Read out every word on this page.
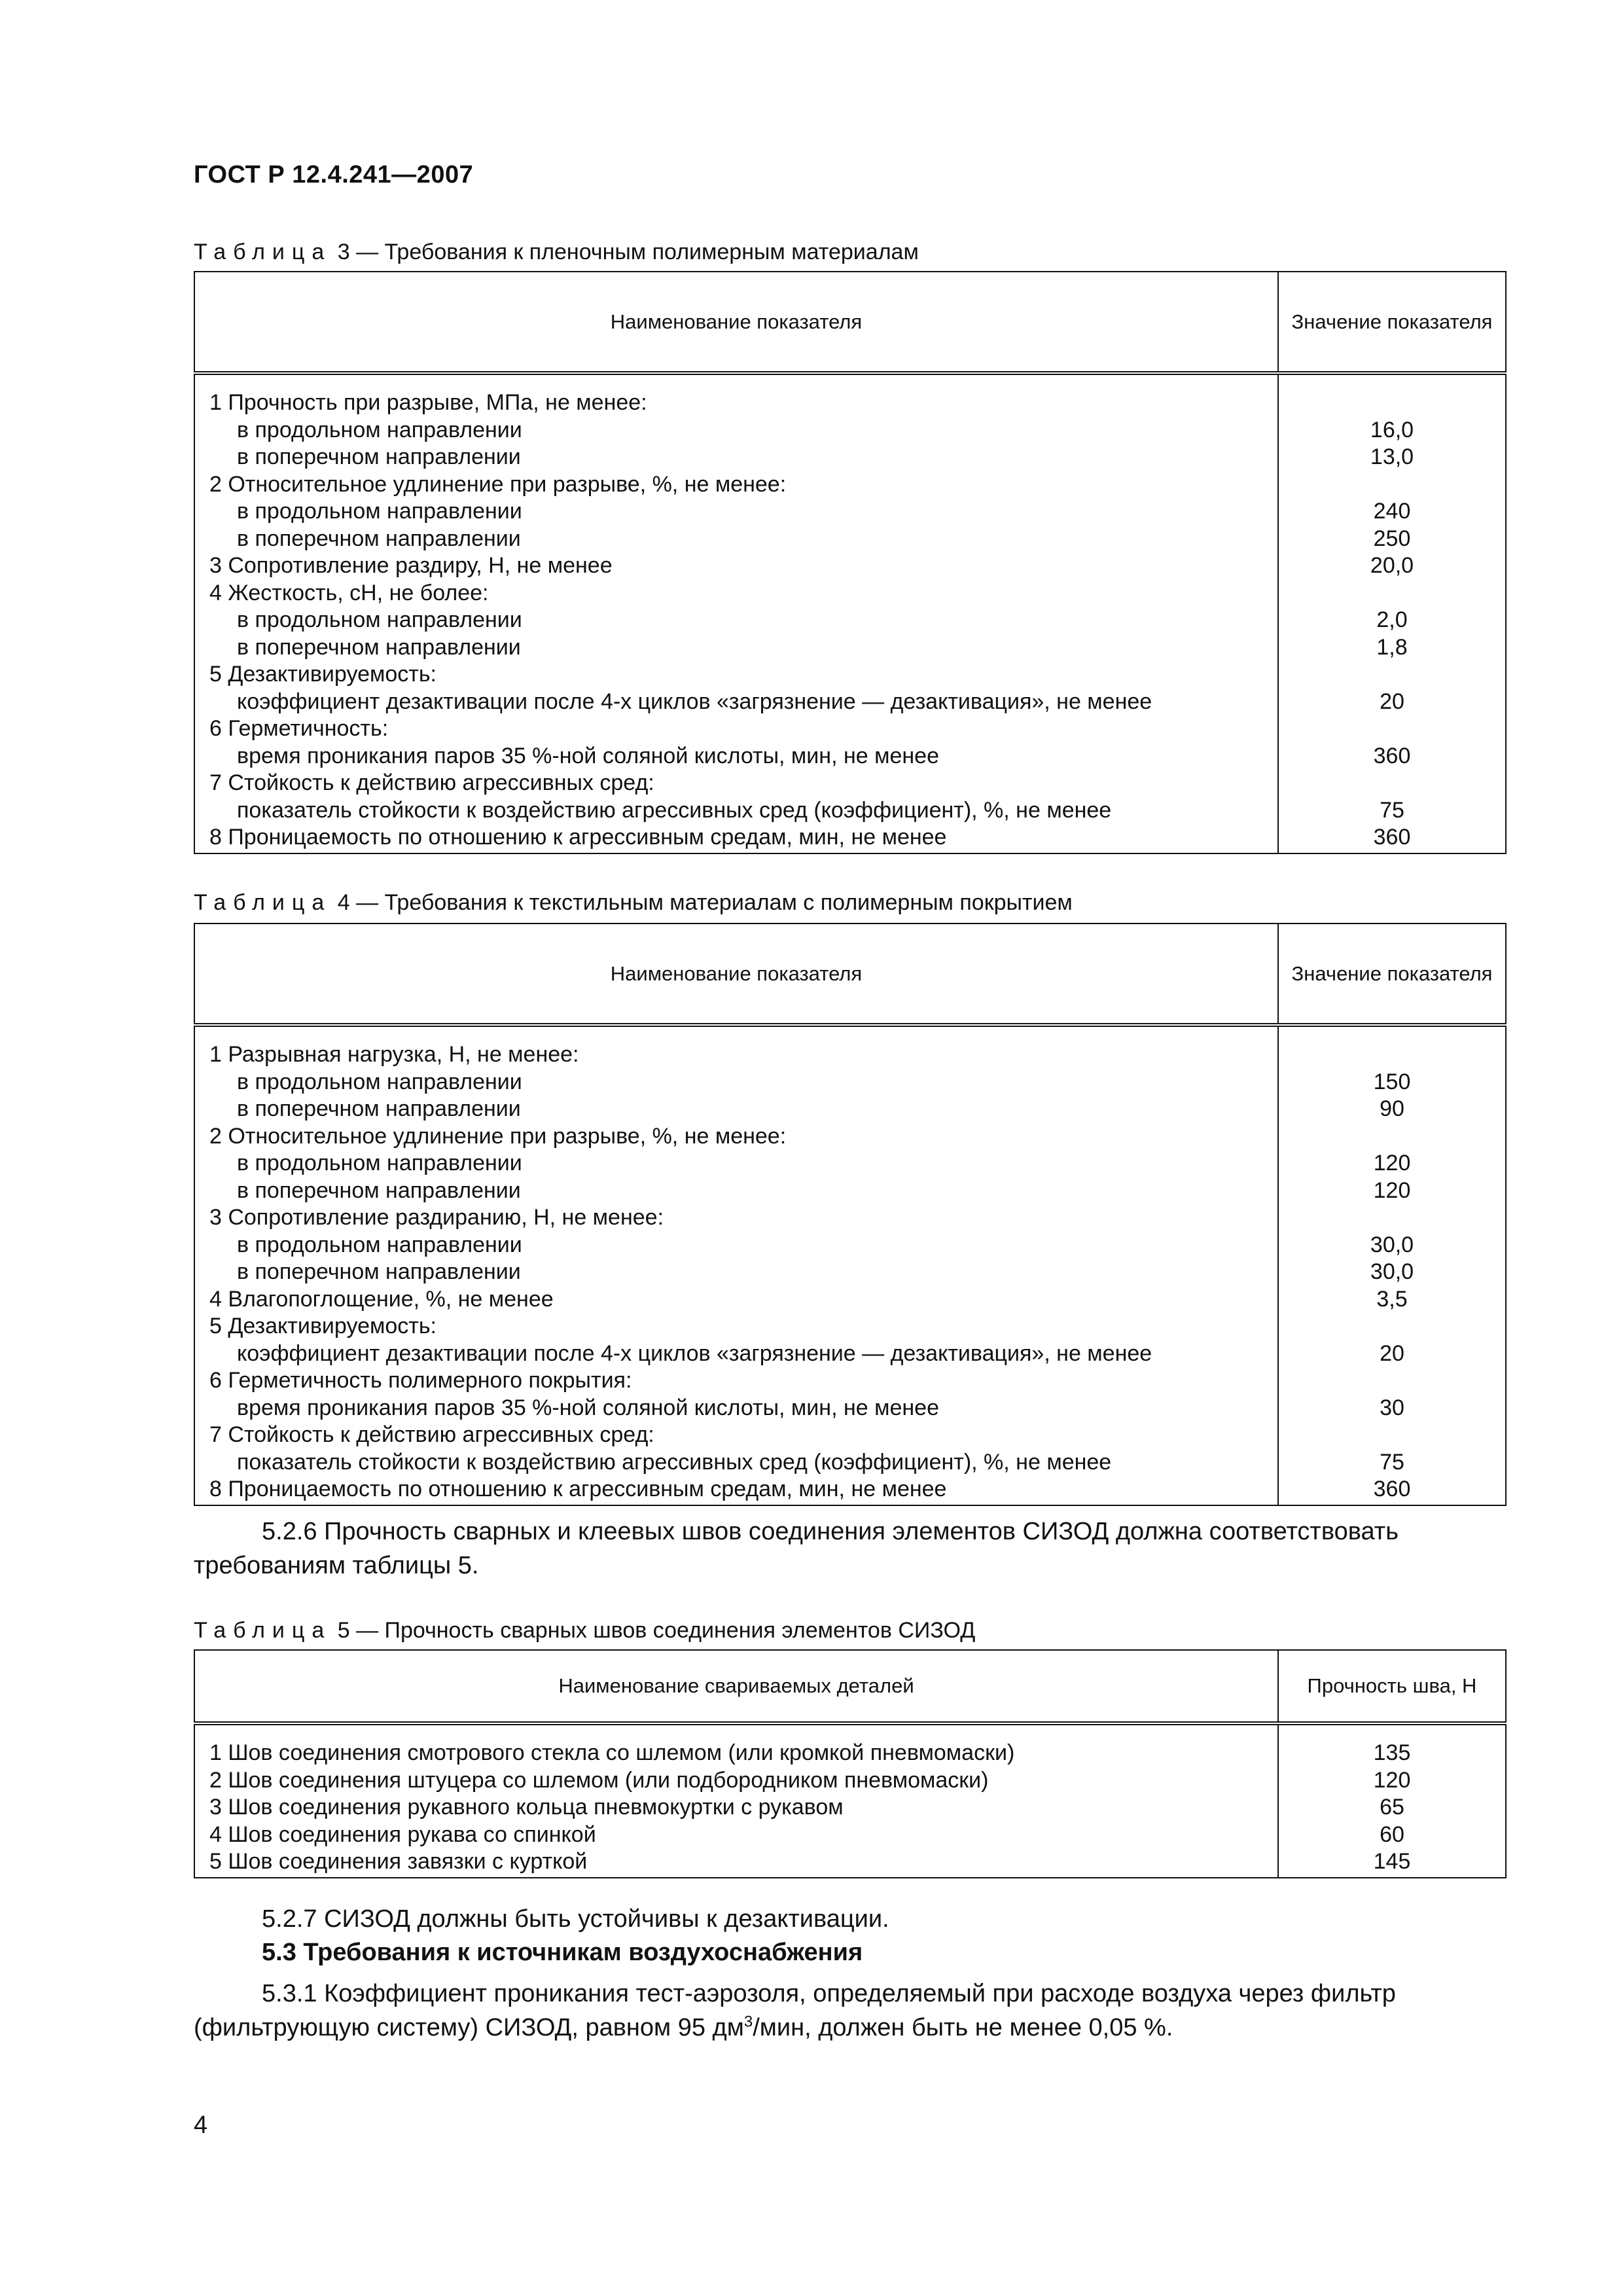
ГОСТ Р 12.4.241—2007
Таблица 3 — Требования к пленочным полимерным материалам
Наименование показателя	Значение показателя
1 Прочность при разрыве, МПа, не менее:	
в продольном направлении	16,0
в поперечном направлении	13,0
2 Относительное удлинение при разрыве, %, не менее:	
в продольном направлении	240
в поперечном направлении	250
3 Сопротивление раздиру, Н, не менее	20,0
4 Жесткость, сН, не более:	
в продольном направлении	2,0
в поперечном направлении	1,8
5 Дезактивируемость:	
коэффициент дезактивации после 4-х циклов «загрязнение — дезактивация», не менее	20
6 Герметичность:	
время проникания паров 35 %-ной соляной кислоты, мин, не менее	360
7 Стойкость к действию агрессивных сред:	
показатель стойкости к воздействию агрессивных сред (коэффициент), %, не менее	75
8 Проницаемость по отношению к агрессивным средам, мин, не менее	360
Таблица 4 — Требования к текстильным материалам с полимерным покрытием
Наименование показателя	Значение показателя
1 Разрывная нагрузка, Н, не менее:	
в продольном направлении	150
в поперечном направлении	90
2 Относительное удлинение при разрыве, %, не менее:	
в продольном направлении	120
в поперечном направлении	120
3 Сопротивление раздиранию, Н, не менее:	
в продольном направлении	30,0
в поперечном направлении	30,0
4 Влагопоглощение, %, не менее	3,5
5 Дезактивируемость:	
коэффициент дезактивации после 4-х циклов «загрязнение — дезактивация», не менее	20
6 Герметичность полимерного покрытия:	
время проникания паров 35 %-ной соляной кислоты, мин, не менее	30
7 Стойкость к действию агрессивных сред:	
показатель стойкости к воздействию агрессивных сред (коэффициент), %, не менее	75
8 Проницаемость по отношению к агрессивным средам, мин, не менее	360
5.2.6 Прочность сварных и клеевых швов соединения элементов СИЗОД должна соответствовать требованиям таблицы 5.
Таблица 5 — Прочность сварных швов соединения элементов СИЗОД
Наименование свариваемых деталей	Прочность шва, Н
1 Шов соединения смотрового стекла со шлемом (или кромкой пневмомаски)	135
2 Шов соединения штуцера со шлемом (или подбородником пневмомаски)	120
3 Шов соединения рукавного кольца пневмокуртки с рукавом	65
4 Шов соединения рукава со спинкой	60
5 Шов соединения завязки с курткой	145
5.2.7 СИЗОД должны быть устойчивы к дезактивации.
5.3 Требования к источникам воздухоснабжения
5.3.1 Коэффициент проникания тест-аэрозоля, определяемый при расходе воздуха через фильтр (фильтрующую систему) СИЗОД, равном 95 $дм^3$/мин, должен быть не менее 0,05 %.
4
